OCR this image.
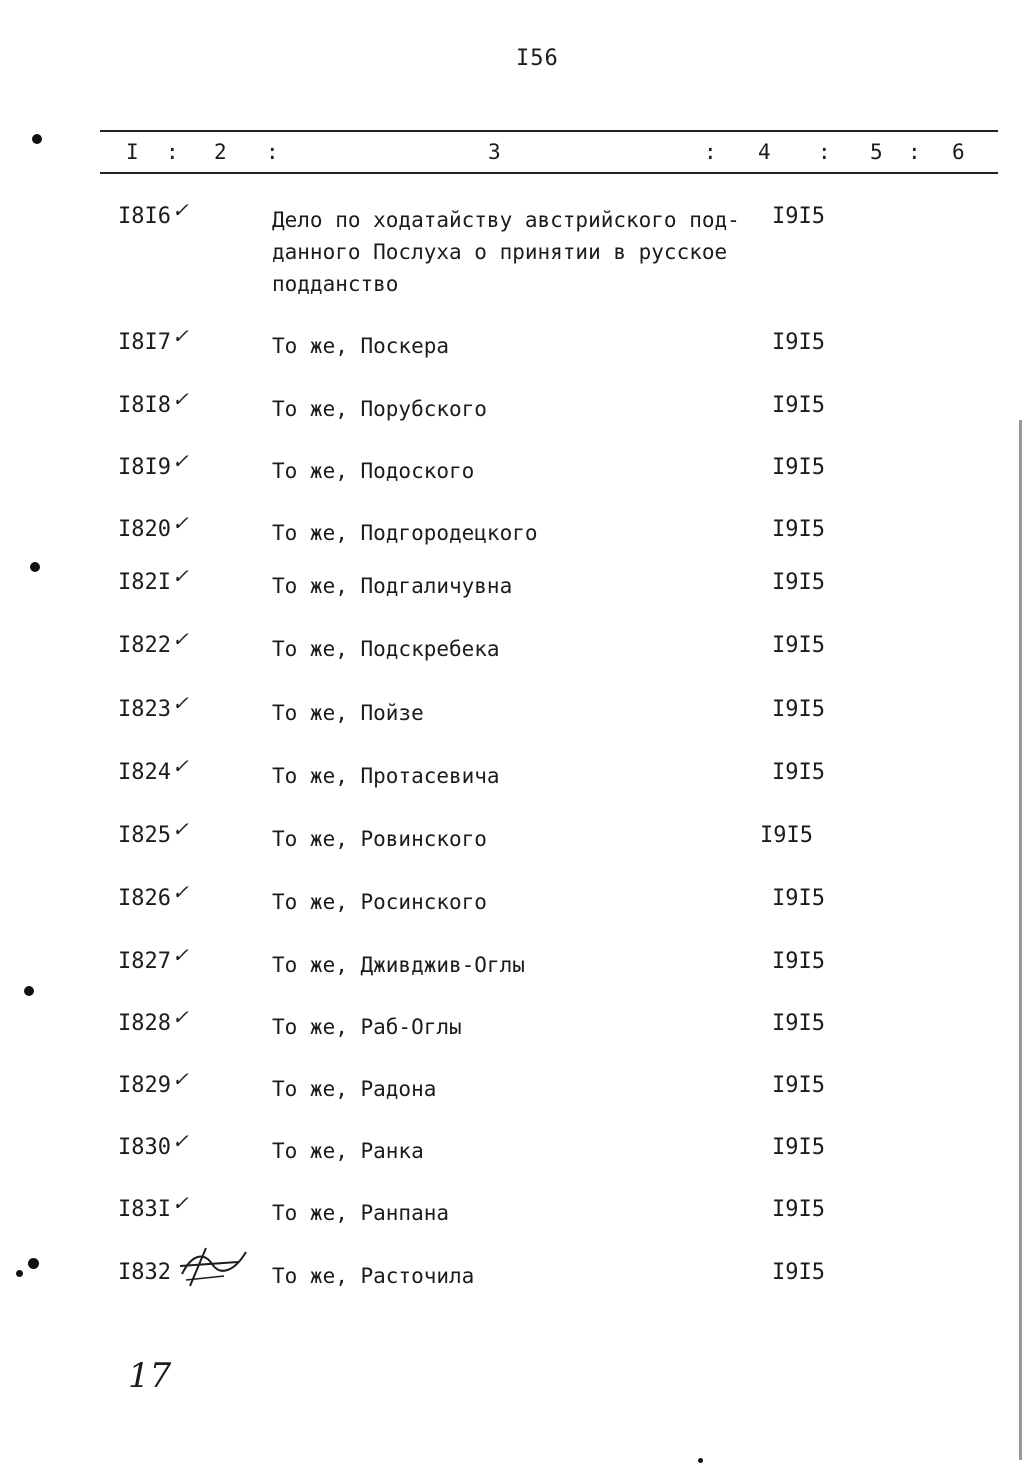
I56
I : 2 :	3	: 4 : 5 : 6
I8I6 ✓	Дело по ходатайству австрийского под-
данного Послуха о принятии в русское
подданство
I9I5
I8I7 ✓	То же, Поскера	I9I5
I8I8 ✓	То же, Порубского	I9I5
I8I9 ✓	То же, Подоского	I9I5
I820 ✓	То же, Подгородецкого	I9I5
I82I ✓	То же, Подгаличувна	I9I5
I822 ✓	То же, Подскребека	I9I5
I823 ✓	То же, Пойзе	I9I5
I824 ✓	То же, Протасевича	I9I5
I825 ✓	То же, Ровинского	I9I5
I826 ✓	То же, Росинского	I9I5
I827 ✓	То же, Дживджив-Оглы	I9I5
I828 ✓	То же, Раб-Оглы	I9I5
I829 ✓	То же, Радона	I9I5
I830 ✓	То же, Ранка	I9I5
I83I ✓	То же, Ранпана	I9I5
I832	То же, Расточила	I9I5
17
